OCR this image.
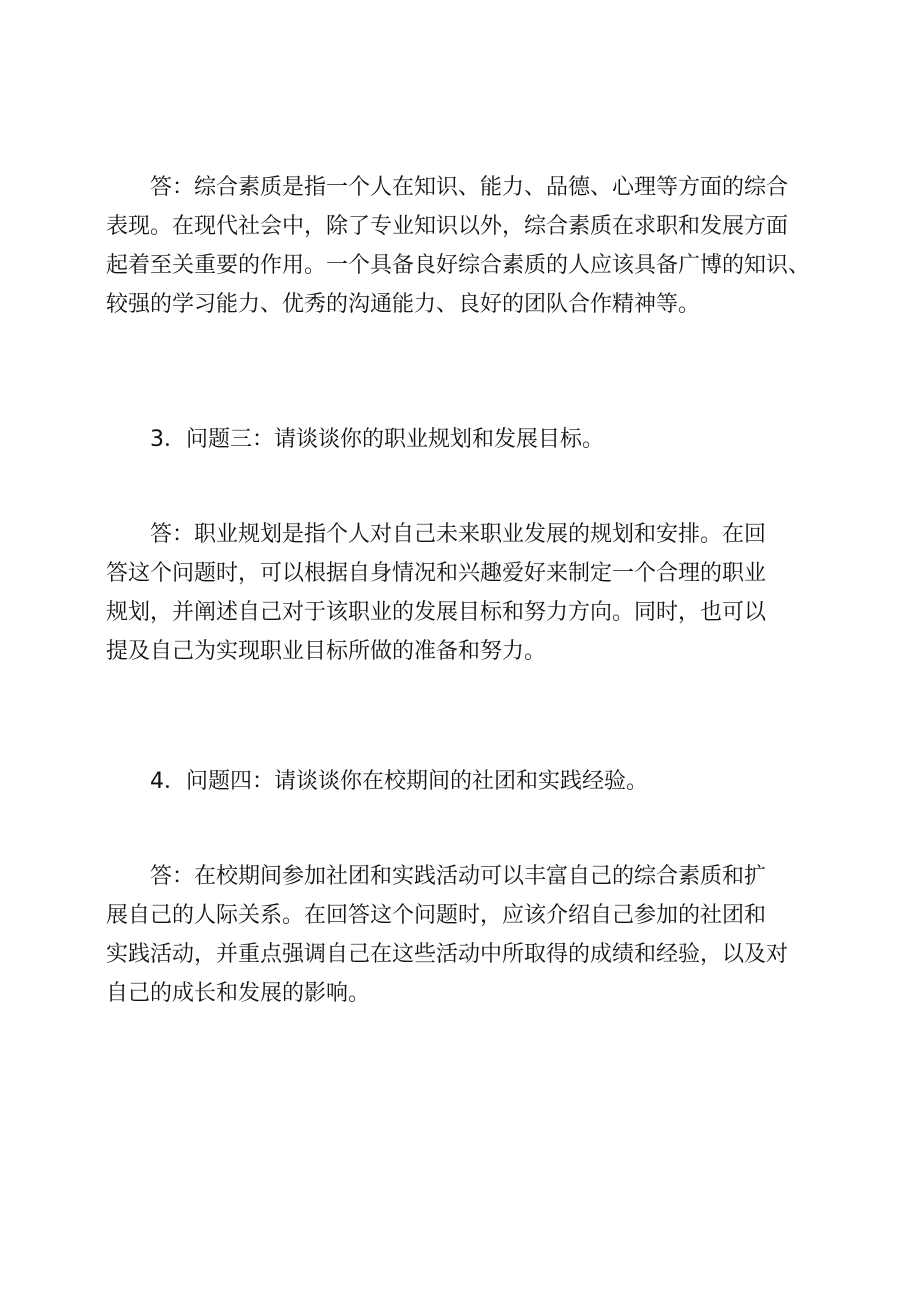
答：综合素质是指一个人在知识、能力、品德、心理等方面的综合
表现。在现代社会中，除了专业知识以外，综合素质在求职和发展方面
起着至关重要的作用。一个具备良好综合素质的人应该具备广博的知识、
较强的学习能力、优秀的沟通能力、良好的团队合作精神等。

3．问题三：请谈谈你的职业规划和发展目标。

答：职业规划是指个人对自己未来职业发展的规划和安排。在回
答这个问题时，可以根据自身情况和兴趣爱好来制定一个合理的职业
规划，并阐述自己对于该职业的发展目标和努力方向。同时，也可以
提及自己为实现职业目标所做的准备和努力。

4．问题四：请谈谈你在校期间的社团和实践经验。

答：在校期间参加社团和实践活动可以丰富自己的综合素质和扩
展自己的人际关系。在回答这个问题时，应该介绍自己参加的社团和
实践活动，并重点强调自己在这些活动中所取得的成绩和经验，以及对
自己的成长和发展的影响。
